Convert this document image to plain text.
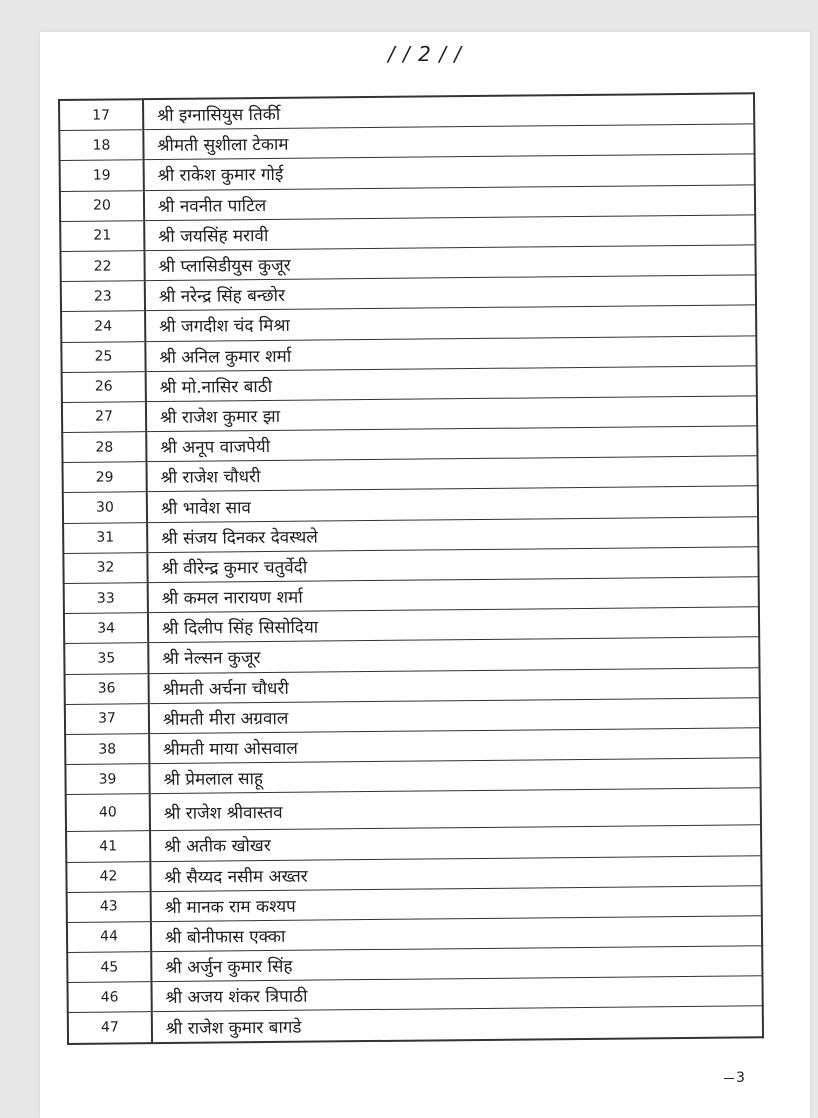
/ / 2 / /
17	श्री इग्नासियुस तिर्की
18	श्रीमती सुशीला टेकाम
19	श्री राकेश कुमार गोई
20	श्री नवनीत पाटिल
21	श्री जयसिंह मरावी
22	श्री प्लासिडीयुस कुजूर
23	श्री नरेन्द्र सिंह बन्छोर
24	श्री जगदीश चंद मिश्रा
25	श्री अनिल कुमार शर्मा
26	श्री मो.नासिर बाठी
27	श्री राजेश कुमार झा
28	श्री अनूप वाजपेयी
29	श्री राजेश चौधरी
30	श्री भावेश साव
31	श्री संजय दिनकर देवस्थले
32	श्री वीरेन्द्र कुमार चतुर्वेदी
33	श्री कमल नारायण शर्मा
34	श्री दिलीप सिंह सिसोदिया
35	श्री नेल्सन कुजूर
36	श्रीमती अर्चना चौधरी
37	श्रीमती मीरा अग्रवाल
38	श्रीमती माया ओसवाल
39	श्री प्रेमलाल साहू
40	श्री राजेश श्रीवास्तव
41	श्री अतीक खोखर
42	श्री सैय्यद नसीम अख्तर
43	श्री मानक राम कश्यप
44	श्री बोनीफास एक्का
45	श्री अर्जुन कुमार सिंह
46	श्री अजय शंकर त्रिपाठी
47	श्री राजेश कुमार बागडे
3
